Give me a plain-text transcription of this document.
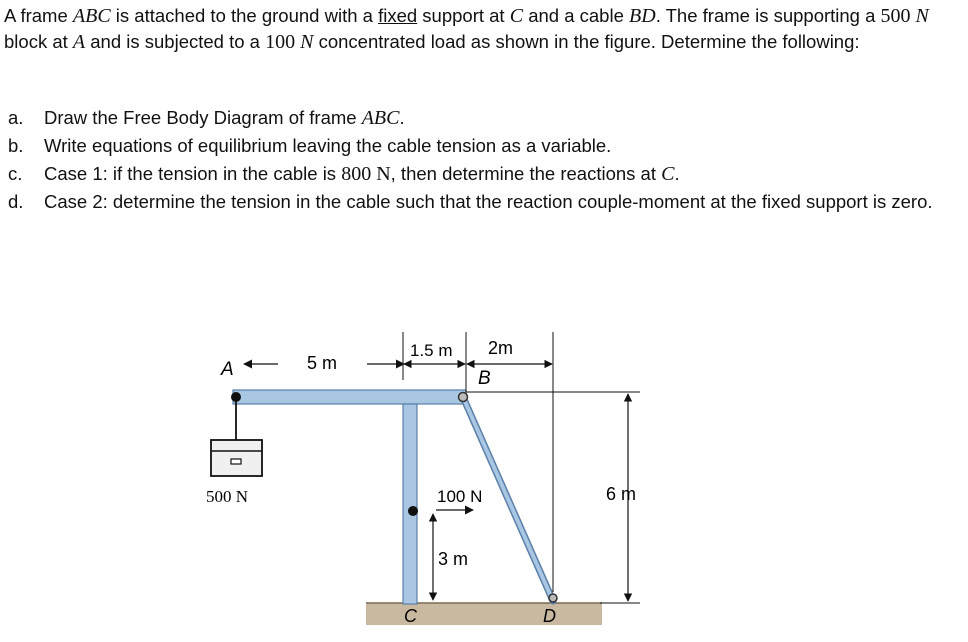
A frame ABC is attached to the ground with a fixed support at C and a cable BD. The frame is supporting a 500 N block at A and is subjected to a 100 N concentrated load as shown in the figure. Determine the following:

a.	Draw the Free Body Diagram of frame ABC.
b.	Write equations of equilibrium leaving the cable tension as a variable.
c.	Case 1: if the tension in the cable is 800 N, then determine the reactions at C.
d.	Case 2: determine the tension in the cable such that the reaction couple-moment at the fixed support is zero.
A	5 m
1.5 m 2m
B
6 m
500 N	100 N
3 m
C	D
